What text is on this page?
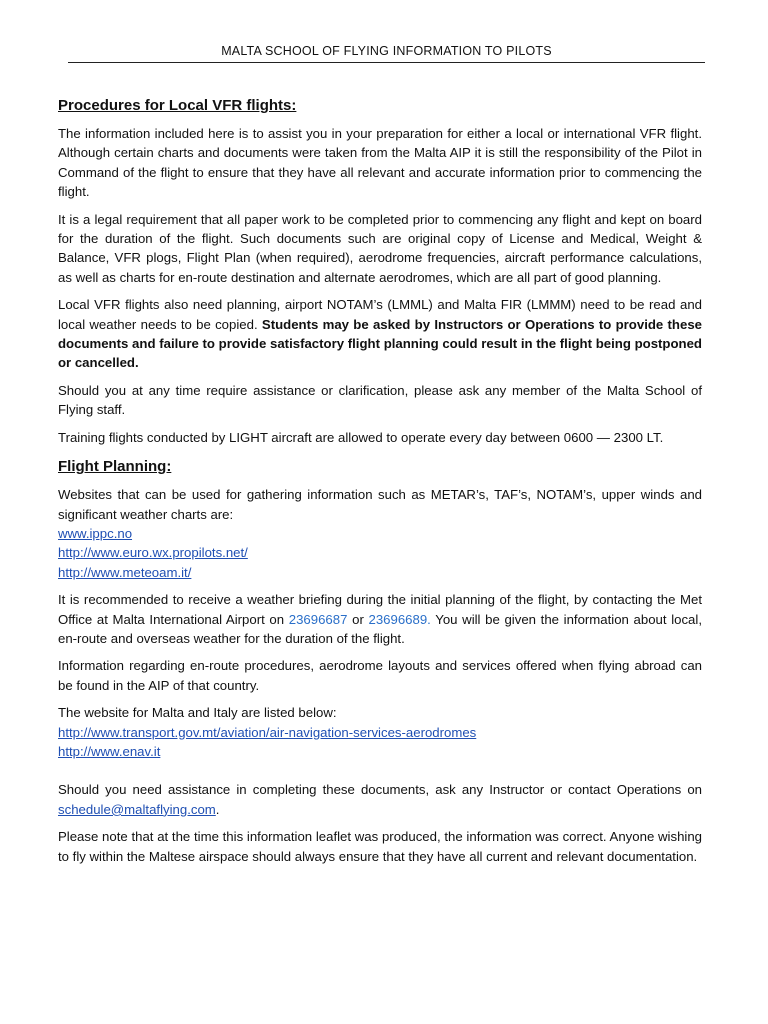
MALTA SCHOOL OF FLYING INFORMATION TO PILOTS
Procedures for Local VFR flights:

The information included here is to assist you in your preparation for either a local or international VFR flight. Although certain charts and documents were taken from the Malta AIP it is still the responsibility of the Pilot in Command of the flight to ensure that they have all relevant and accurate information prior to commencing the flight.

It is a legal requirement that all paper work to be completed prior to commencing any flight and kept on board for the duration of the flight. Such documents such are original copy of License and Medical, Weight & Balance, VFR plogs, Flight Plan (when required), aerodrome frequencies, aircraft performance calculations, as well as charts for en-route destination and alternate aerodromes, which are all part of good planning.

Local VFR flights also need planning, airport NOTAM’s (LMML) and Malta FIR (LMMM) need to be read and local weather needs to be copied. Students may be asked by Instructors or Operations to provide these documents and failure to provide satisfactory flight planning could result in the flight being postponed or cancelled.

Should you at any time require assistance or clarification, please ask any member of the Malta School of Flying staff.

Training flights conducted by LIGHT aircraft are allowed to operate every day between 0600 — 2300 LT.

Flight Planning:

Websites that can be used for gathering information such as METAR’s, TAF’s, NOTAM’s, upper winds and significant weather charts are:
www.ippc.no
http://www.euro.wx.propilots.net/
http://www.meteoam.it/

It is recommended to receive a weather briefing during the initial planning of the flight, by contacting the Met Office at Malta International Airport on 23696687 or 23696689. You will be given the information about local, en-route and overseas weather for the duration of the flight.

Information regarding en-route procedures, aerodrome layouts and services offered when flying abroad can be found in the AIP of that country.

The website for Malta and Italy are listed below:
http://www.transport.gov.mt/aviation/air-navigation-services-aerodromes
http://www.enav.it

Should you need assistance in completing these documents, ask any Instructor or contact Operations on schedule@maltaflying.com.

Please note that at the time this information leaflet was produced, the information was correct. Anyone wishing to fly within the Maltese airspace should always ensure that they have all current and relevant documentation.
